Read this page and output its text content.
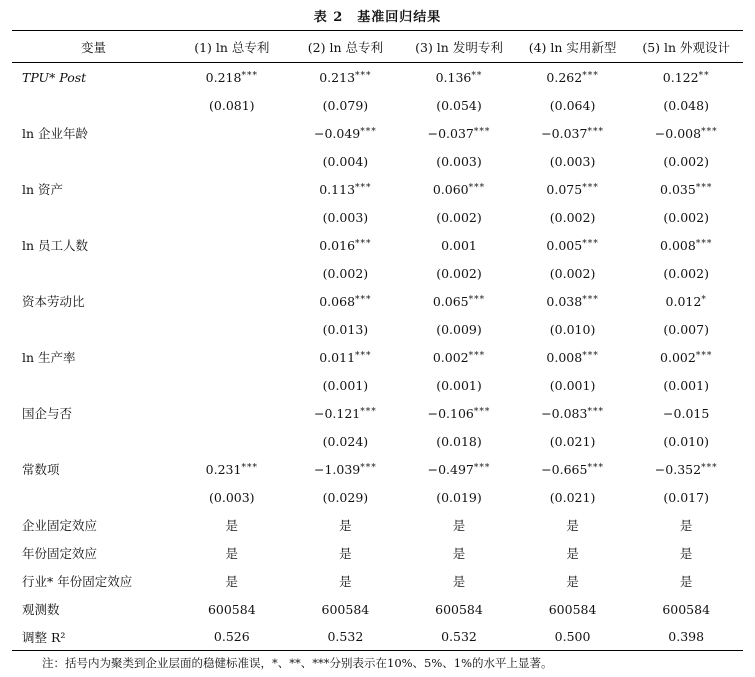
表 2　基准回归结果
变量	(1) ln 总专利	(2) ln 总专利	(3) ln 发明专利	(4) ln 实用新型	(5) ln 外观设计
TPU* Post	0.218***	0.213***	0.136**	0.262***	0.122**
	(0.081)	(0.079)	(0.054)	(0.064)	(0.048)
ln 企业年龄		−0.049***	−0.037***	−0.037***	−0.008***
		(0.004)	(0.003)	(0.003)	(0.002)
ln 资产		0.113***	0.060***	0.075***	0.035***
		(0.003)	(0.002)	(0.002)	(0.002)
ln 员工人数		0.016***	0.001	0.005***	0.008***
		(0.002)	(0.002)	(0.002)	(0.002)
资本劳动比		0.068***	0.065***	0.038***	0.012*
		(0.013)	(0.009)	(0.010)	(0.007)
ln 生产率		0.011***	0.002***	0.008***	0.002***
		(0.001)	(0.001)	(0.001)	(0.001)
国企与否		−0.121***	−0.106***	−0.083***	−0.015
		(0.024)	(0.018)	(0.021)	(0.010)
常数项	0.231***	−1.039***	−0.497***	−0.665***	−0.352***
	(0.003)	(0.029)	(0.019)	(0.021)	(0.017)
企业固定效应	是	是	是	是	是
年份固定效应	是	是	是	是	是
行业* 年份固定效应	是	是	是	是	是
观测数	600584	600584	600584	600584	600584
调整 R²	0.526	0.532	0.532	0.500	0.398
注：括号内为聚类到企业层面的稳健标准误，*、**、***分别表示在10%、5%、1%的水平上显著。
